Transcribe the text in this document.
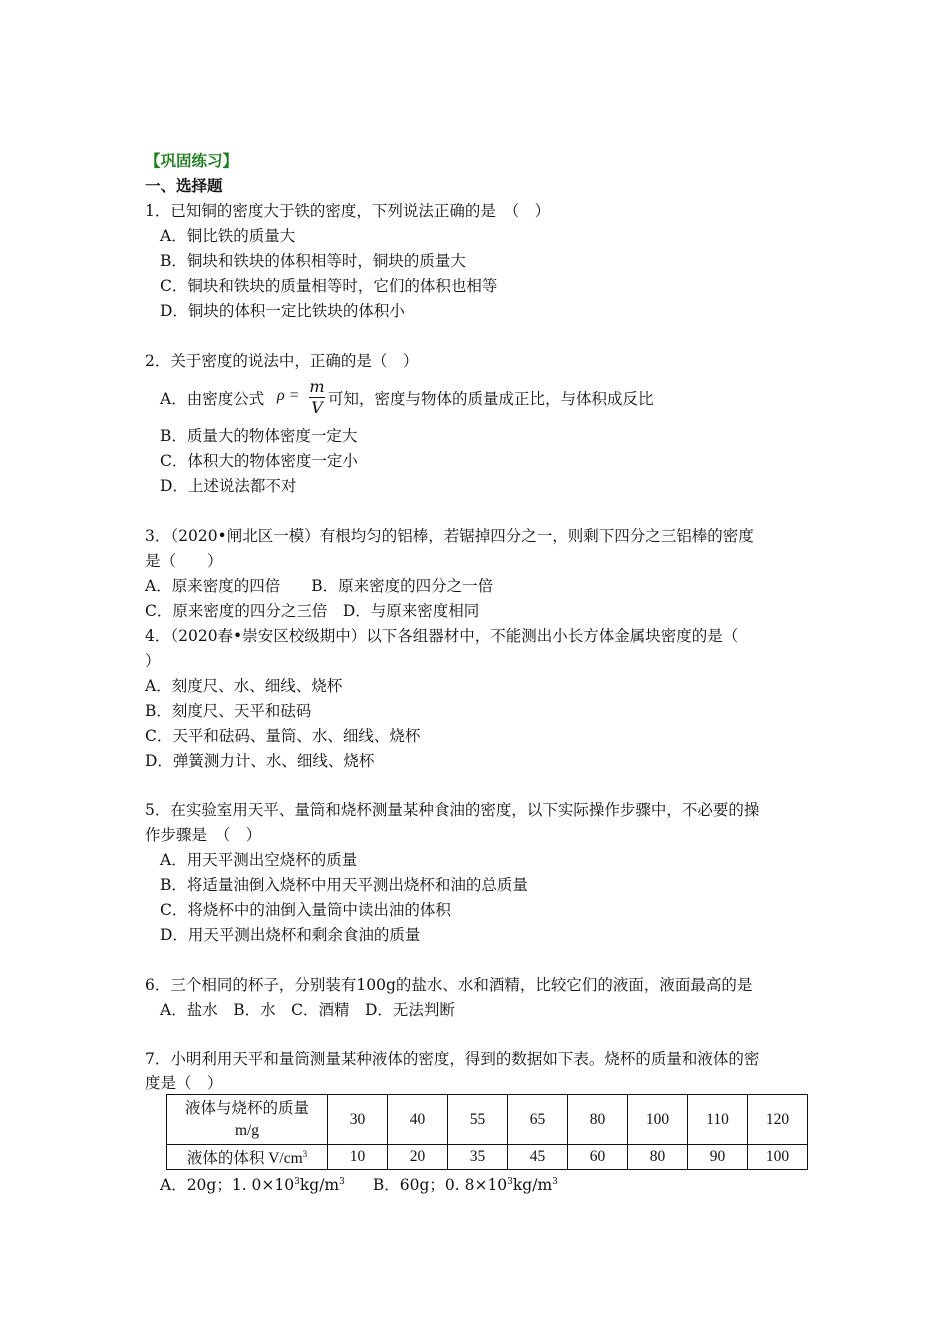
【巩固练习】
一、选择题
1．已知铜的密度大于铁的密度，下列说法正确的是　（　）
A．铜比铁的质量大
B．铜块和铁块的体积相等时，铜块的质量大
C．铜块和铁块的质量相等时，它们的体积也相等
D．铜块的体积一定比铁块的体积小
2．关于密度的说法中，正确的是（　）
A．由密度公式 ρ = m
V 可知，密度与物体的质量成正比，与体积成反比
B．质量大的物体密度一定大
C．体积大的物体密度一定小
D．上述说法都不对
3．（2020•闸北区一模）有根均匀的铝棒，若锯掉四分之一，则剩下四分之三铝棒的密度
是（　　）
A．原来密度的四倍　　B．原来密度的四分之一倍
C．原来密度的四分之三倍　D．与原来密度相同
4．（2020春•崇安区校级期中）以下各组器材中，不能测出小长方体金属块密度的是（
）
A．刻度尺、水、细线、烧杯
B．刻度尺、天平和砝码
C．天平和砝码、量筒、水、细线、烧杯
D．弹簧测力计、水、细线、烧杯
5．在实验室用天平、量筒和烧杯测量某种食油的密度，以下实际操作步骤中，不必要的操
作步骤是　（　）
A．用天平测出空烧杯的质量
B．将适量油倒入烧杯中用天平测出烧杯和油的总质量
C．将烧杯中的油倒入量筒中读出油的体积
D．用天平测出烧杯和剩余食油的质量
6．三个相同的杯子，分别装有100g的盐水、水和酒精，比较它们的液面，液面最高的是
A．盐水　B．水　C．酒精　D．无法判断
7．小明利用天平和量筒测量某种液体的密度，得到的数据如下表。烧杯的质量和液体的密
度是（　）
液体与烧杯的质量
m/g	30	40	55	65	80	100	110	120
液体的体积 $V/cm^3$	10	20	35	45	60	80	90	100
A．20g；1. $0\times 10^3kg/m^3$ B．60g；0. $8\times 10^3kg/m^3$
